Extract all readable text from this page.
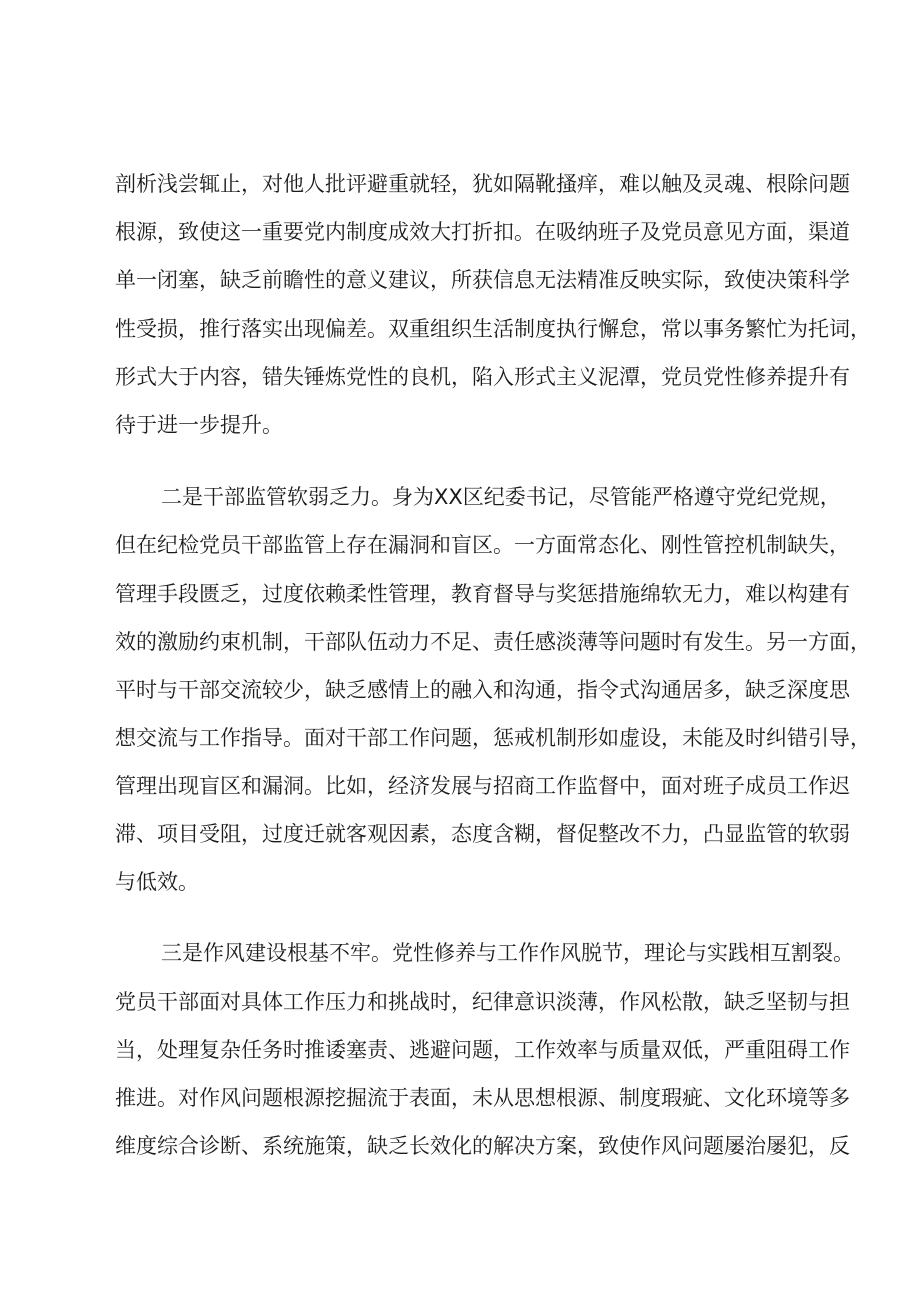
剖析浅尝辄止，对他人批评避重就轻，犹如隔靴搔痒，难以触及灵魂、根除问题

根源，致使这一重要党内制度成效大打折扣。在吸纳班子及党员意见方面，渠道

单一闭塞，缺乏前瞻性的意义建议，所获信息无法精准反映实际，致使决策科学

性受损，推行落实出现偏差。双重组织生活制度执行懈怠，常以事务繁忙为托词，

形式大于内容，错失锤炼党性的良机，陷入形式主义泥潭，党员党性修养提升有

待于进一步提升。

二是干部监管软弱乏力。身为XX区纪委书记，尽管能严格遵守党纪党规，

但在纪检党员干部监管上存在漏洞和盲区。一方面常态化、刚性管控机制缺失，

管理手段匮乏，过度依赖柔性管理，教育督导与奖惩措施绵软无力，难以构建有

效的激励约束机制，干部队伍动力不足、责任感淡薄等问题时有发生。另一方面，

平时与干部交流较少，缺乏感情上的融入和沟通，指令式沟通居多，缺乏深度思

想交流与工作指导。面对干部工作问题，惩戒机制形如虚设，未能及时纠错引导，

管理出现盲区和漏洞。比如，经济发展与招商工作监督中，面对班子成员工作迟

滞、项目受阻，过度迁就客观因素，态度含糊，督促整改不力，凸显监管的软弱

与低效。

三是作风建设根基不牢。党性修养与工作作风脱节，理论与实践相互割裂。

党员干部面对具体工作压力和挑战时，纪律意识淡薄，作风松散，缺乏坚韧与担

当，处理复杂任务时推诿塞责、逃避问题，工作效率与质量双低，严重阻碍工作

推进。对作风问题根源挖掘流于表面，未从思想根源、制度瑕疵、文化环境等多

维度综合诊断、系统施策，缺乏长效化的解决方案，致使作风问题屡治屡犯，反
